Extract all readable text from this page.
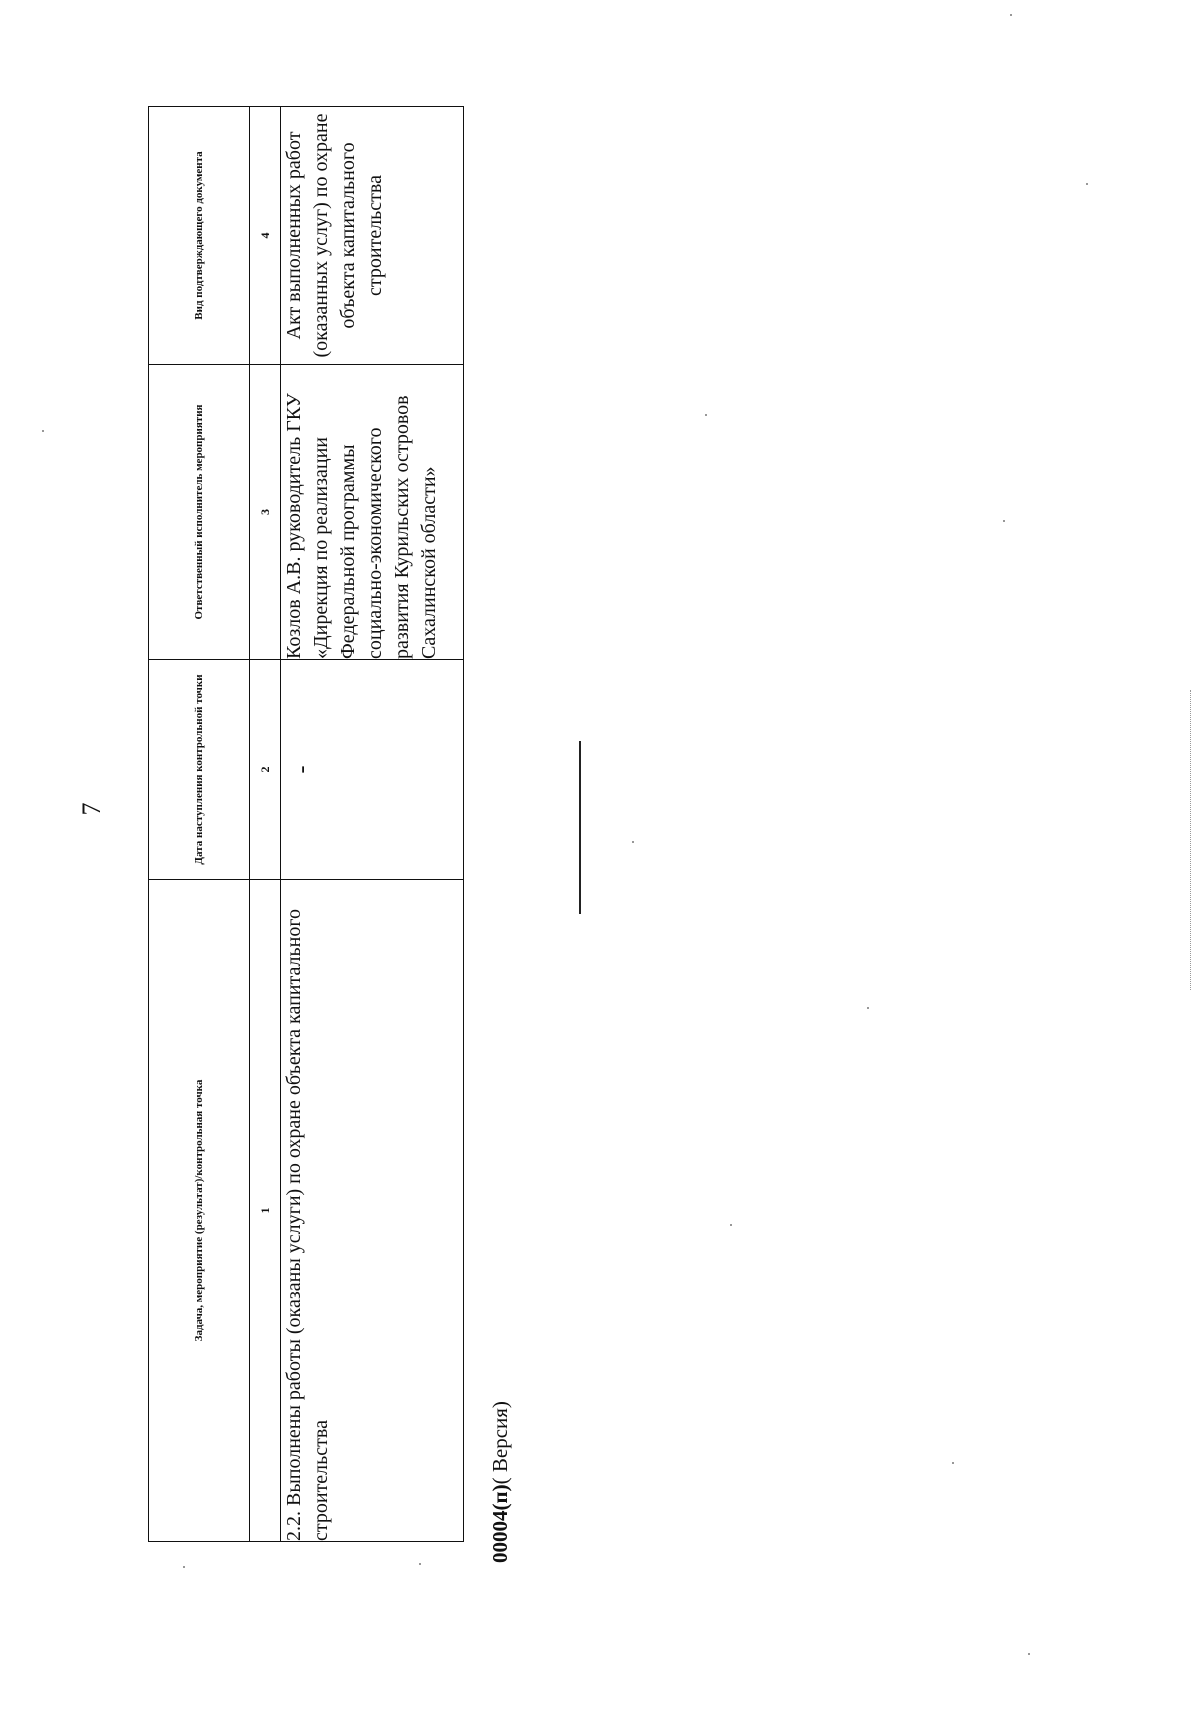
7
Задача, мероприятие (результат)/контрольная точка	Дата наступления контрольной точки	Ответственный исполнитель мероприятия	Вид подтверждающего документа
1	2	3	4
2.2. Выполнены работы (оказаны услуги) по охране объекта капитального строительства	-	Козлов А.В. руководитель ГКУ «Дирекция по реализации Федеральной программы социально-экономического развития Курильских островов Сахалинской области»	Акт выполненных работ (оказанных услуг) по охране объекта капитального строительства
00004(п)( Версия)
